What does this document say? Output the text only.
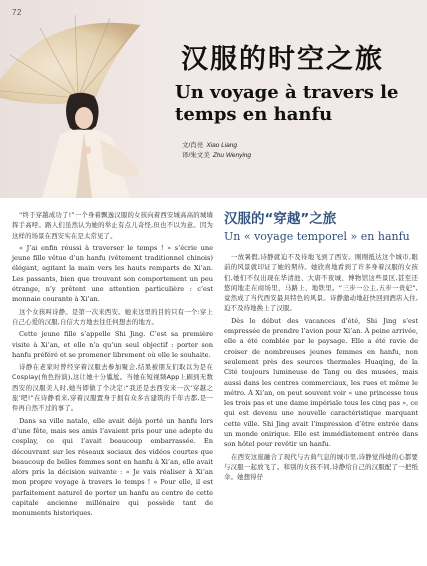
汉服的时空之旅
Un voyage à travers le temps en hanfu
文/肖亮 Xiao Liang
译/朱文美 Zhu Wenying
72

“终于穿越成功了!”一个身着飘逸汉服的女孩向着西安城高高的城墙挥手高呼。路人们虽然认为她的举止有点儿奇怪,但也不以为意。因为这样的场景在西安实在是太常见了。

« J’ai enfin réussi à traverser le temps ! » s’écrie une jeune fille vêtue d’un hanfu (vêtement traditionnel chinois) élégant, agitant la main vers les hauts remparts de Xi’an. Les passants, bien que trouvant son comportement un peu étrange, n’y prêtent une attention particulière : c’est monnaie courante à Xi’an.

这个女孩叫诗静。是第一次来西安。她来这里的目的只有一个:穿上自己心爱的汉服,自信大方地去往任何想去的地方。

Cette jeune fille s’appelle Shi Jing. C’est sa première visite à Xi’an, et elle n’a qu’un seul objectif : porter son hanfu préféré et se promener librement où elle le souhaite.

诗静在老家时曾经穿着汉服去参加聚会,结果被朋友们取以为是在Cosplay(角色扮演),这让她十分尴尬。当她在短视频App上刷到无数西安的汉服美人时,她当即做了个决定:“我还是去西安来一次‘穿越之旅’吧!”在诗静看来,穿着汉服置身于拥有众多古建筑的千年古都,是一件再自然不过的事了。

Dans sa ville natale, elle avait déjà porté un hanfu lors d’une fête, mais ses amis l’avaient pris pour une adepte du cosplay, ce qui l’avait beaucoup embarrassée. En découvrant sur les réseaux sociaux des vidéos courtes que beaucoup de belles femmes sont en hanfu à Xi’an, elle avait alors pris la décision suivante : « Je vais réaliser à Xi’an mon propre voyage à travers le temps ! » Pour elle, il est parfaitement naturel de porter un hanfu au centre de cette capitale ancienne millénaire qui possède tant de monuments historiques.

汉服的“穿越”之旅
Un « voyage temporel » en hanfu

一放暑假,诗静就迫不及待地飞到了西安。刚刚抵达这个城市,眼前的风景就印证了她的期待。她欣喜地看到了许多身着汉服的女孩们,她们不仅出现在华清池、大唐不夜城、博物馆这些景区,甚至还悠闲地走在商场里、马路上、地铁里。“三步一公主,五步一贵妃”,竟然成了当代西安最具特色的风景。诗静激动地赶快回到酒店入住,迫不及待地换上了汉服。

Dès le début des vacances d’été, Shi Jing s’est empressée de prendre l’avion pour Xi’an. À peine arrivée, elle a été comblée par le paysage. Elle a été ravie de croiser de nombreuses jeunes femmes en hanfu, non seulement près des sources thermales Huaqing, de la Cité toujours lumineuse de Tang ou des musées, mais aussi dans les centres commerciaux, les rues et même le métro. À Xi’an, on peut souvent voir « une princesse tous les trois pas et une dame impériale tous les cinq pas », ce qui est devenu une nouvelle caractéristique marquant cette ville. Shi Jing avait l’impression d’être entrée dans un monde onirique. Elle est immédiatement entrée dans son hôtel pour revêtir un hanfu.

在西安这座融合了现代与古典气息的城市里,诗静觉得她的心都要与汉服一起放飞了。和别的女孩不同,诗静给自己的汉服配了一把纸伞。她想得仔
